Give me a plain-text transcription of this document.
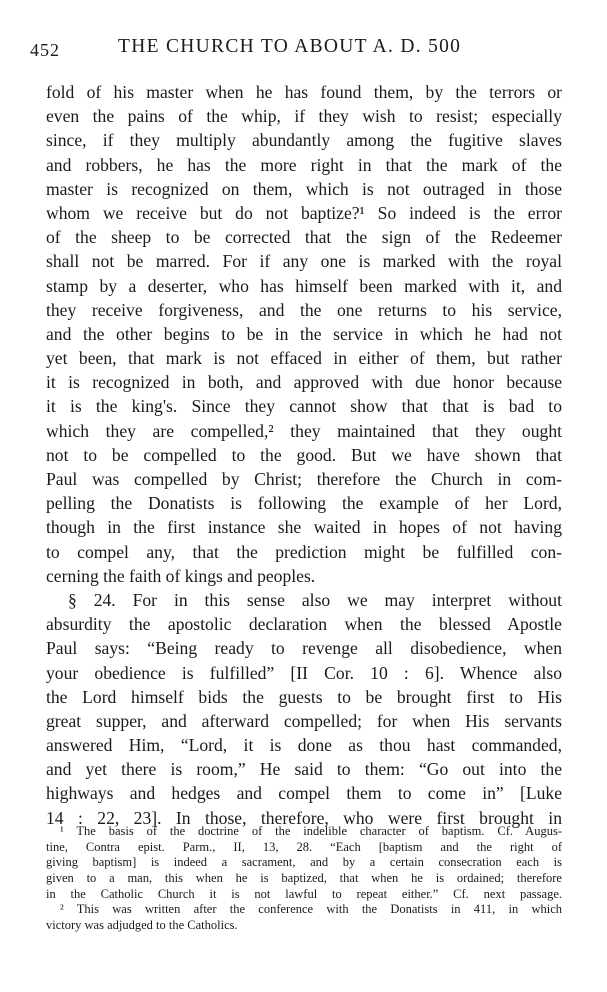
452	THE CHURCH TO ABOUT A. D. 500
fold of his master when he has found them, by the terrors or
even the pains of the whip, if they wish to resist; especially
since, if they multiply abundantly among the fugitive slaves
and robbers, he has the more right in that the mark of the
master is recognized on them, which is not outraged in those
whom we receive but do not baptize?¹ So indeed is the error
of the sheep to be corrected that the sign of the Redeemer
shall not be marred. For if any one is marked with the royal
stamp by a deserter, who has himself been marked with it, and
they receive forgiveness, and the one returns to his service,
and the other begins to be in the service in which he had not
yet been, that mark is not effaced in either of them, but rather
it is recognized in both, and approved with due honor because
it is the king's. Since they cannot show that that is bad to
which they are compelled,² they maintained that they ought
not to be compelled to the good. But we have shown that
Paul was compelled by Christ; therefore the Church in com-
pelling the Donatists is following the example of her Lord,
though in the first instance she waited in hopes of not having
to compel any, that the prediction might be fulfilled con-
cerning the faith of kings and peoples.
§ 24. For in this sense also we may interpret without
absurdity the apostolic declaration when the blessed Apostle
Paul says: “Being ready to revenge all disobedience, when
your obedience is fulfilled” [II Cor. 10 : 6]. Whence also
the Lord himself bids the guests to be brought first to His
great supper, and afterward compelled; for when His servants
answered Him, “Lord, it is done as thou hast commanded,
and yet there is room,” He said to them: “Go out into the
highways and hedges and compel them to come in” [Luke
14 : 22, 23]. In those, therefore, who were first brought in
¹ The basis of the doctrine of the indelible character of baptism. Cf. Augus-
tine, Contra epist. Parm., II, 13, 28. “Each [baptism and the right of
giving baptism] is indeed a sacrament, and by a certain consecration each is
given to a man, this when he is baptized, that when he is ordained; therefore
in the Catholic Church it is not lawful to repeat either.” Cf. next passage.
² This was written after the conference with the Donatists in 411, in which
victory was adjudged to the Catholics.
